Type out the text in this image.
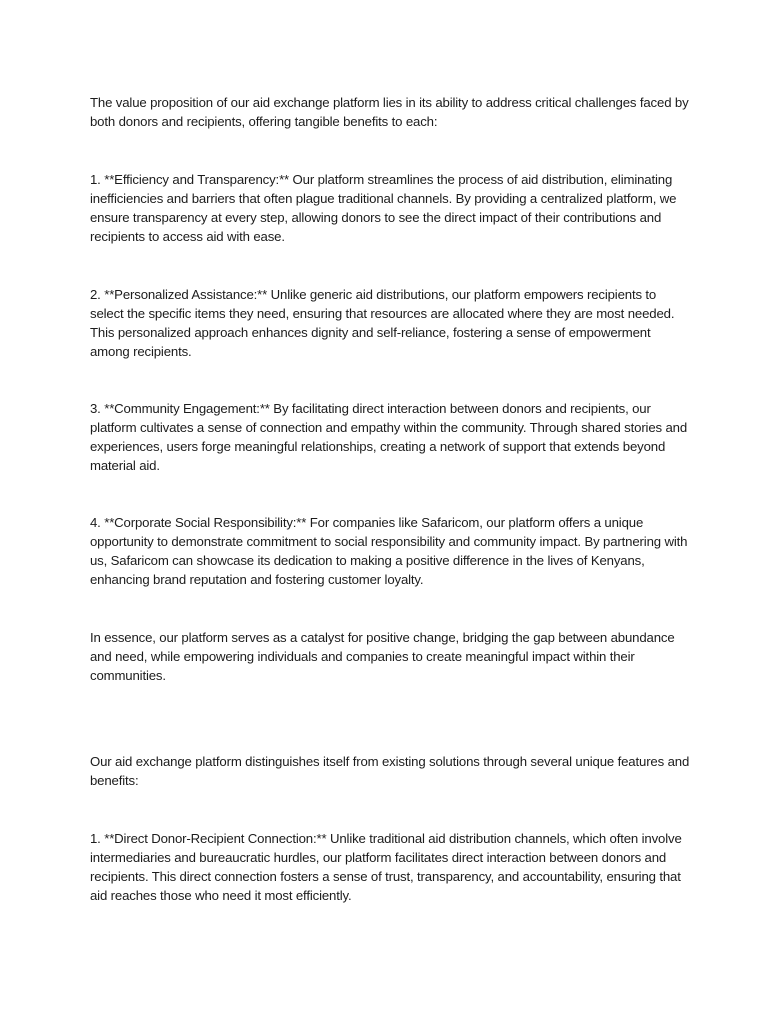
The value proposition of our aid exchange platform lies in its ability to address critical challenges faced by both donors and recipients, offering tangible benefits to each:

1. **Efficiency and Transparency:** Our platform streamlines the process of aid distribution, eliminating inefficiencies and barriers that often plague traditional channels. By providing a centralized platform, we ensure transparency at every step, allowing donors to see the direct impact of their contributions and recipients to access aid with ease.

2. **Personalized Assistance:** Unlike generic aid distributions, our platform empowers recipients to select the specific items they need, ensuring that resources are allocated where they are most needed. This personalized approach enhances dignity and self-reliance, fostering a sense of empowerment among recipients.

3. **Community Engagement:** By facilitating direct interaction between donors and recipients, our platform cultivates a sense of connection and empathy within the community. Through shared stories and experiences, users forge meaningful relationships, creating a network of support that extends beyond material aid.

4. **Corporate Social Responsibility:** For companies like Safaricom, our platform offers a unique opportunity to demonstrate commitment to social responsibility and community impact. By partnering with us, Safaricom can showcase its dedication to making a positive difference in the lives of Kenyans, enhancing brand reputation and fostering customer loyalty.

In essence, our platform serves as a catalyst for positive change, bridging the gap between abundance and need, while empowering individuals and companies to create meaningful impact within their communities.

Our aid exchange platform distinguishes itself from existing solutions through several unique features and benefits:

1. **Direct Donor-Recipient Connection:** Unlike traditional aid distribution channels, which often involve intermediaries and bureaucratic hurdles, our platform facilitates direct interaction between donors and recipients. This direct connection fosters a sense of trust, transparency, and accountability, ensuring that aid reaches those who need it most efficiently.
